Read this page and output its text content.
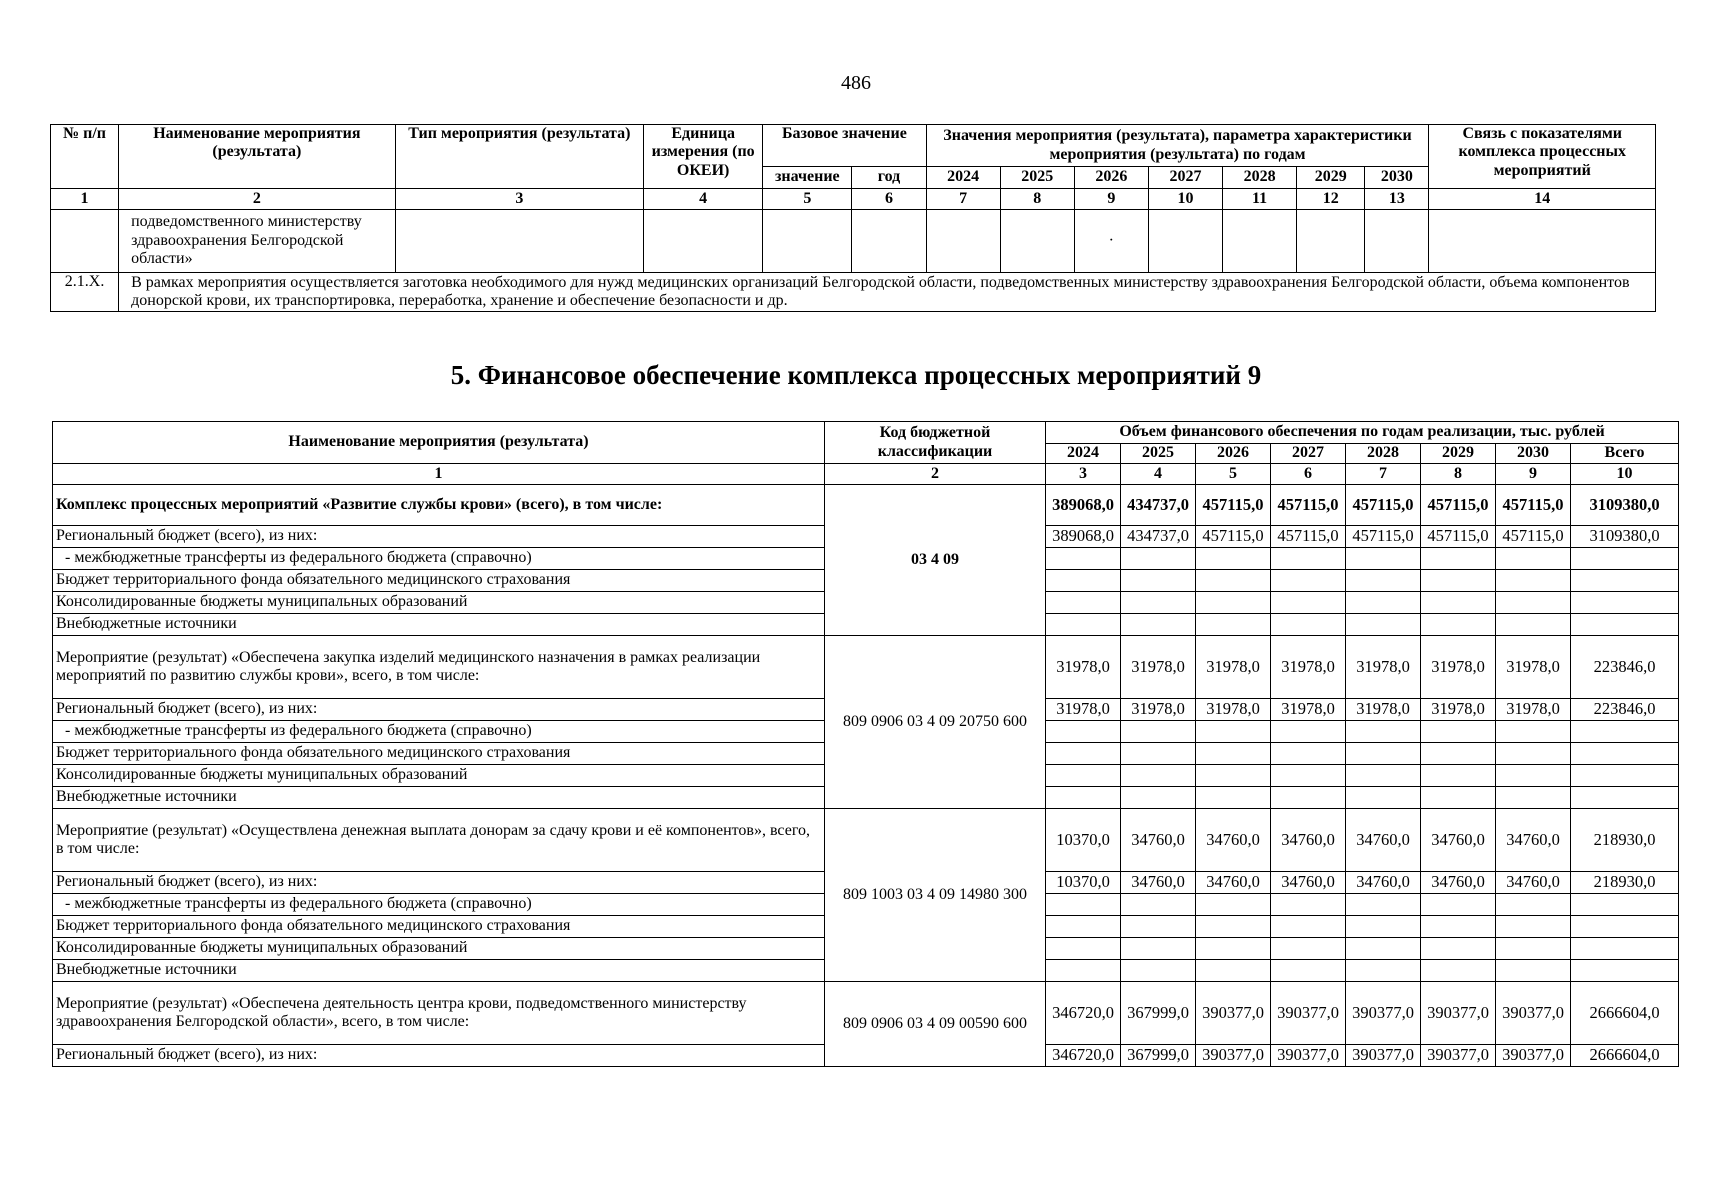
486
№ п/п	Наименование мероприятия (результата)	Тип мероприятия (результата)	Единица измерения (по ОКЕИ)	Базовое значение		Значения мероприятия (результата), параметра характеристики мероприятия (результата) по годам							Связь с показателями комплекса процессных мероприятий
				значение	год	2024	2025	2026	2027	2028	2029	2030	
1	2	3	4	5	6	7	8	9	10	11	12	13	14
	подведомственного министерству здравоохранения Белгородской области»							·					
2.1.X.	В рамках мероприятия осуществляется заготовка необходимого для нужд медицинских организаций Белгородской области, подведомственных министерству здравоохранения Белгородской области, объема компонентов донорской крови, их транспортировка, переработка, хранение и обеспечение безопасности и др.												
5. Финансовое обеспечение комплекса процессных мероприятий 9
Наименование мероприятия (результата)	Код бюджетной классификации	Объем финансового обеспечения по годам реализации, тыс. рублей							
		2024	2025	2026	2027	2028	2029	2030	Всего
1	2	3	4	5	6	7	8	9	10
Комплекс процессных мероприятий «Развитие службы крови» (всего), в том числе:	03 4 09	389068,0	434737,0	457115,0	457115,0	457115,0	457115,0	457115,0	3109380,0
Региональный бюджет (всего), из них:		389068,0	434737,0	457115,0	457115,0	457115,0	457115,0	457115,0	3109380,0
- межбюджетные трансферты из федерального бюджета (справочно)									
Бюджет территориального фонда обязательного медицинского страхования									
Консолидированные бюджеты муниципальных образований									
Внебюджетные источники									
Мероприятие (результат) «Обеспечена закупка изделий медицинского назначения в рамках реализации мероприятий по развитию службы крови», всего, в том числе:	809 0906 03 4 09 20750 600	31978,0	31978,0	31978,0	31978,0	31978,0	31978,0	31978,0	223846,0
Региональный бюджет (всего), из них:		31978,0	31978,0	31978,0	31978,0	31978,0	31978,0	31978,0	223846,0
- межбюджетные трансферты из федерального бюджета (справочно)									
Бюджет территориального фонда обязательного медицинского страхования									
Консолидированные бюджеты муниципальных образований									
Внебюджетные источники									
Мероприятие (результат) «Осуществлена денежная выплата донорам за сдачу крови и её компонентов», всего, в том числе:	809 1003 03 4 09 14980 300	10370,0	34760,0	34760,0	34760,0	34760,0	34760,0	34760,0	218930,0
Региональный бюджет (всего), из них:		10370,0	34760,0	34760,0	34760,0	34760,0	34760,0	34760,0	218930,0
- межбюджетные трансферты из федерального бюджета (справочно)									
Бюджет территориального фонда обязательного медицинского страхования									
Консолидированные бюджеты муниципальных образований									
Внебюджетные источники									
Мероприятие (результат) «Обеспечена деятельность центра крови, подведомственного министерству здравоохранения Белгородской области», всего, в том числе:	809 0906 03 4 09 00590 600	346720,0	367999,0	390377,0	390377,0	390377,0	390377,0	390377,0	2666604,0
Региональный бюджет (всего), из них:		346720,0	367999,0	390377,0	390377,0	390377,0	390377,0	390377,0	2666604,0
